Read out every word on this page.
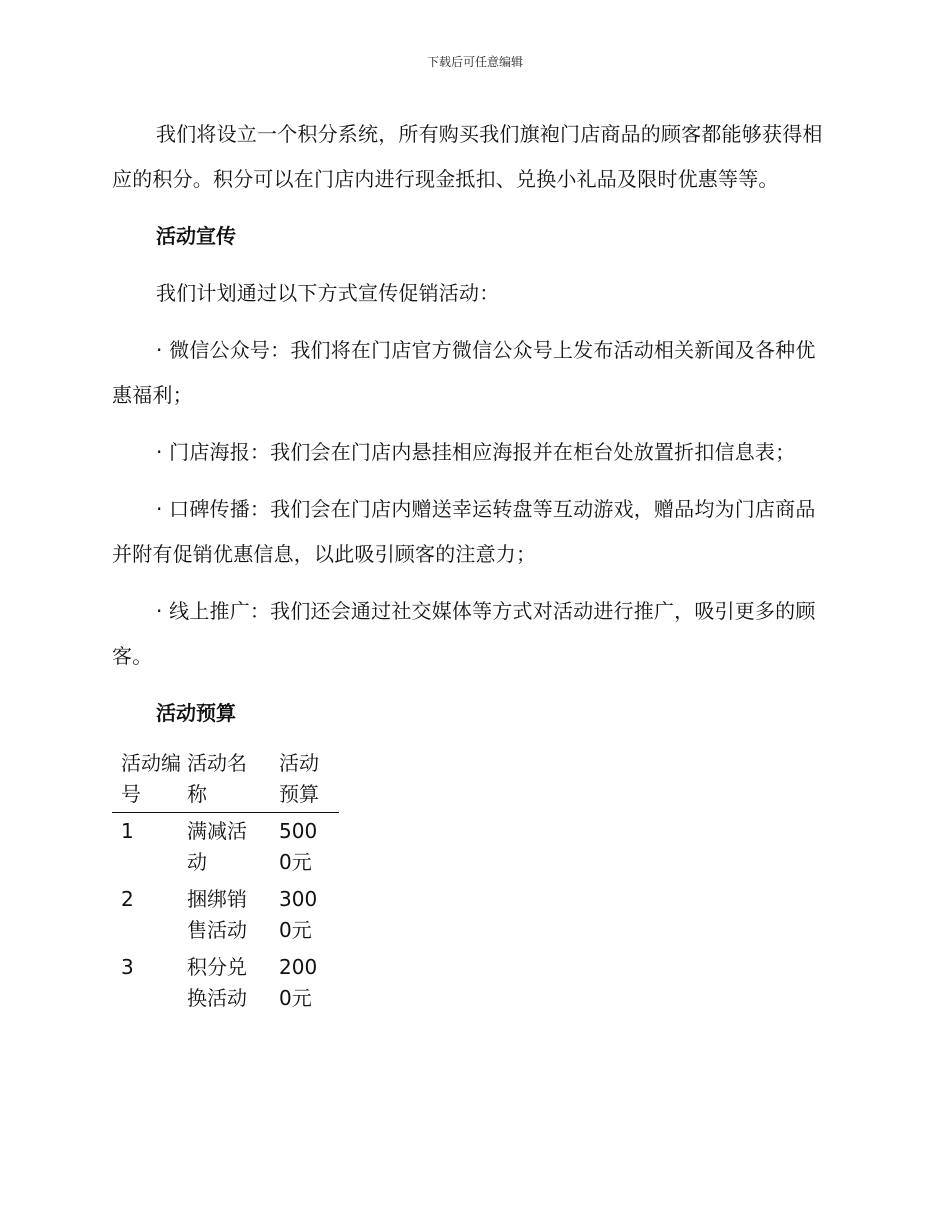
下载后可任意编辑

我们将设立一个积分系统，所有购买我们旗袍门店商品的顾客都能够获得相应的积分。积分可以在门店内进行现金抵扣、兑换小礼品及限时优惠等等。

活动宣传

我们计划通过以下方式宣传促销活动：

· 微信公众号：我们将在门店官方微信公众号上发布活动相关新闻及各种优惠福利；

· 门店海报：我们会在门店内悬挂相应海报并在柜台处放置折扣信息表；

· 口碑传播：我们会在门店内赠送幸运转盘等互动游戏，赠品均为门店商品并附有促销优惠信息，以此吸引顾客的注意力；

· 线上推广：我们还会通过社交媒体等方式对活动进行推广，吸引更多的顾客。

活动预算

活动编号	活动名称	活动预算

1	满减活动	5000元

2	捆绑销售活动	3000元

3	积分兑换活动	2000元
